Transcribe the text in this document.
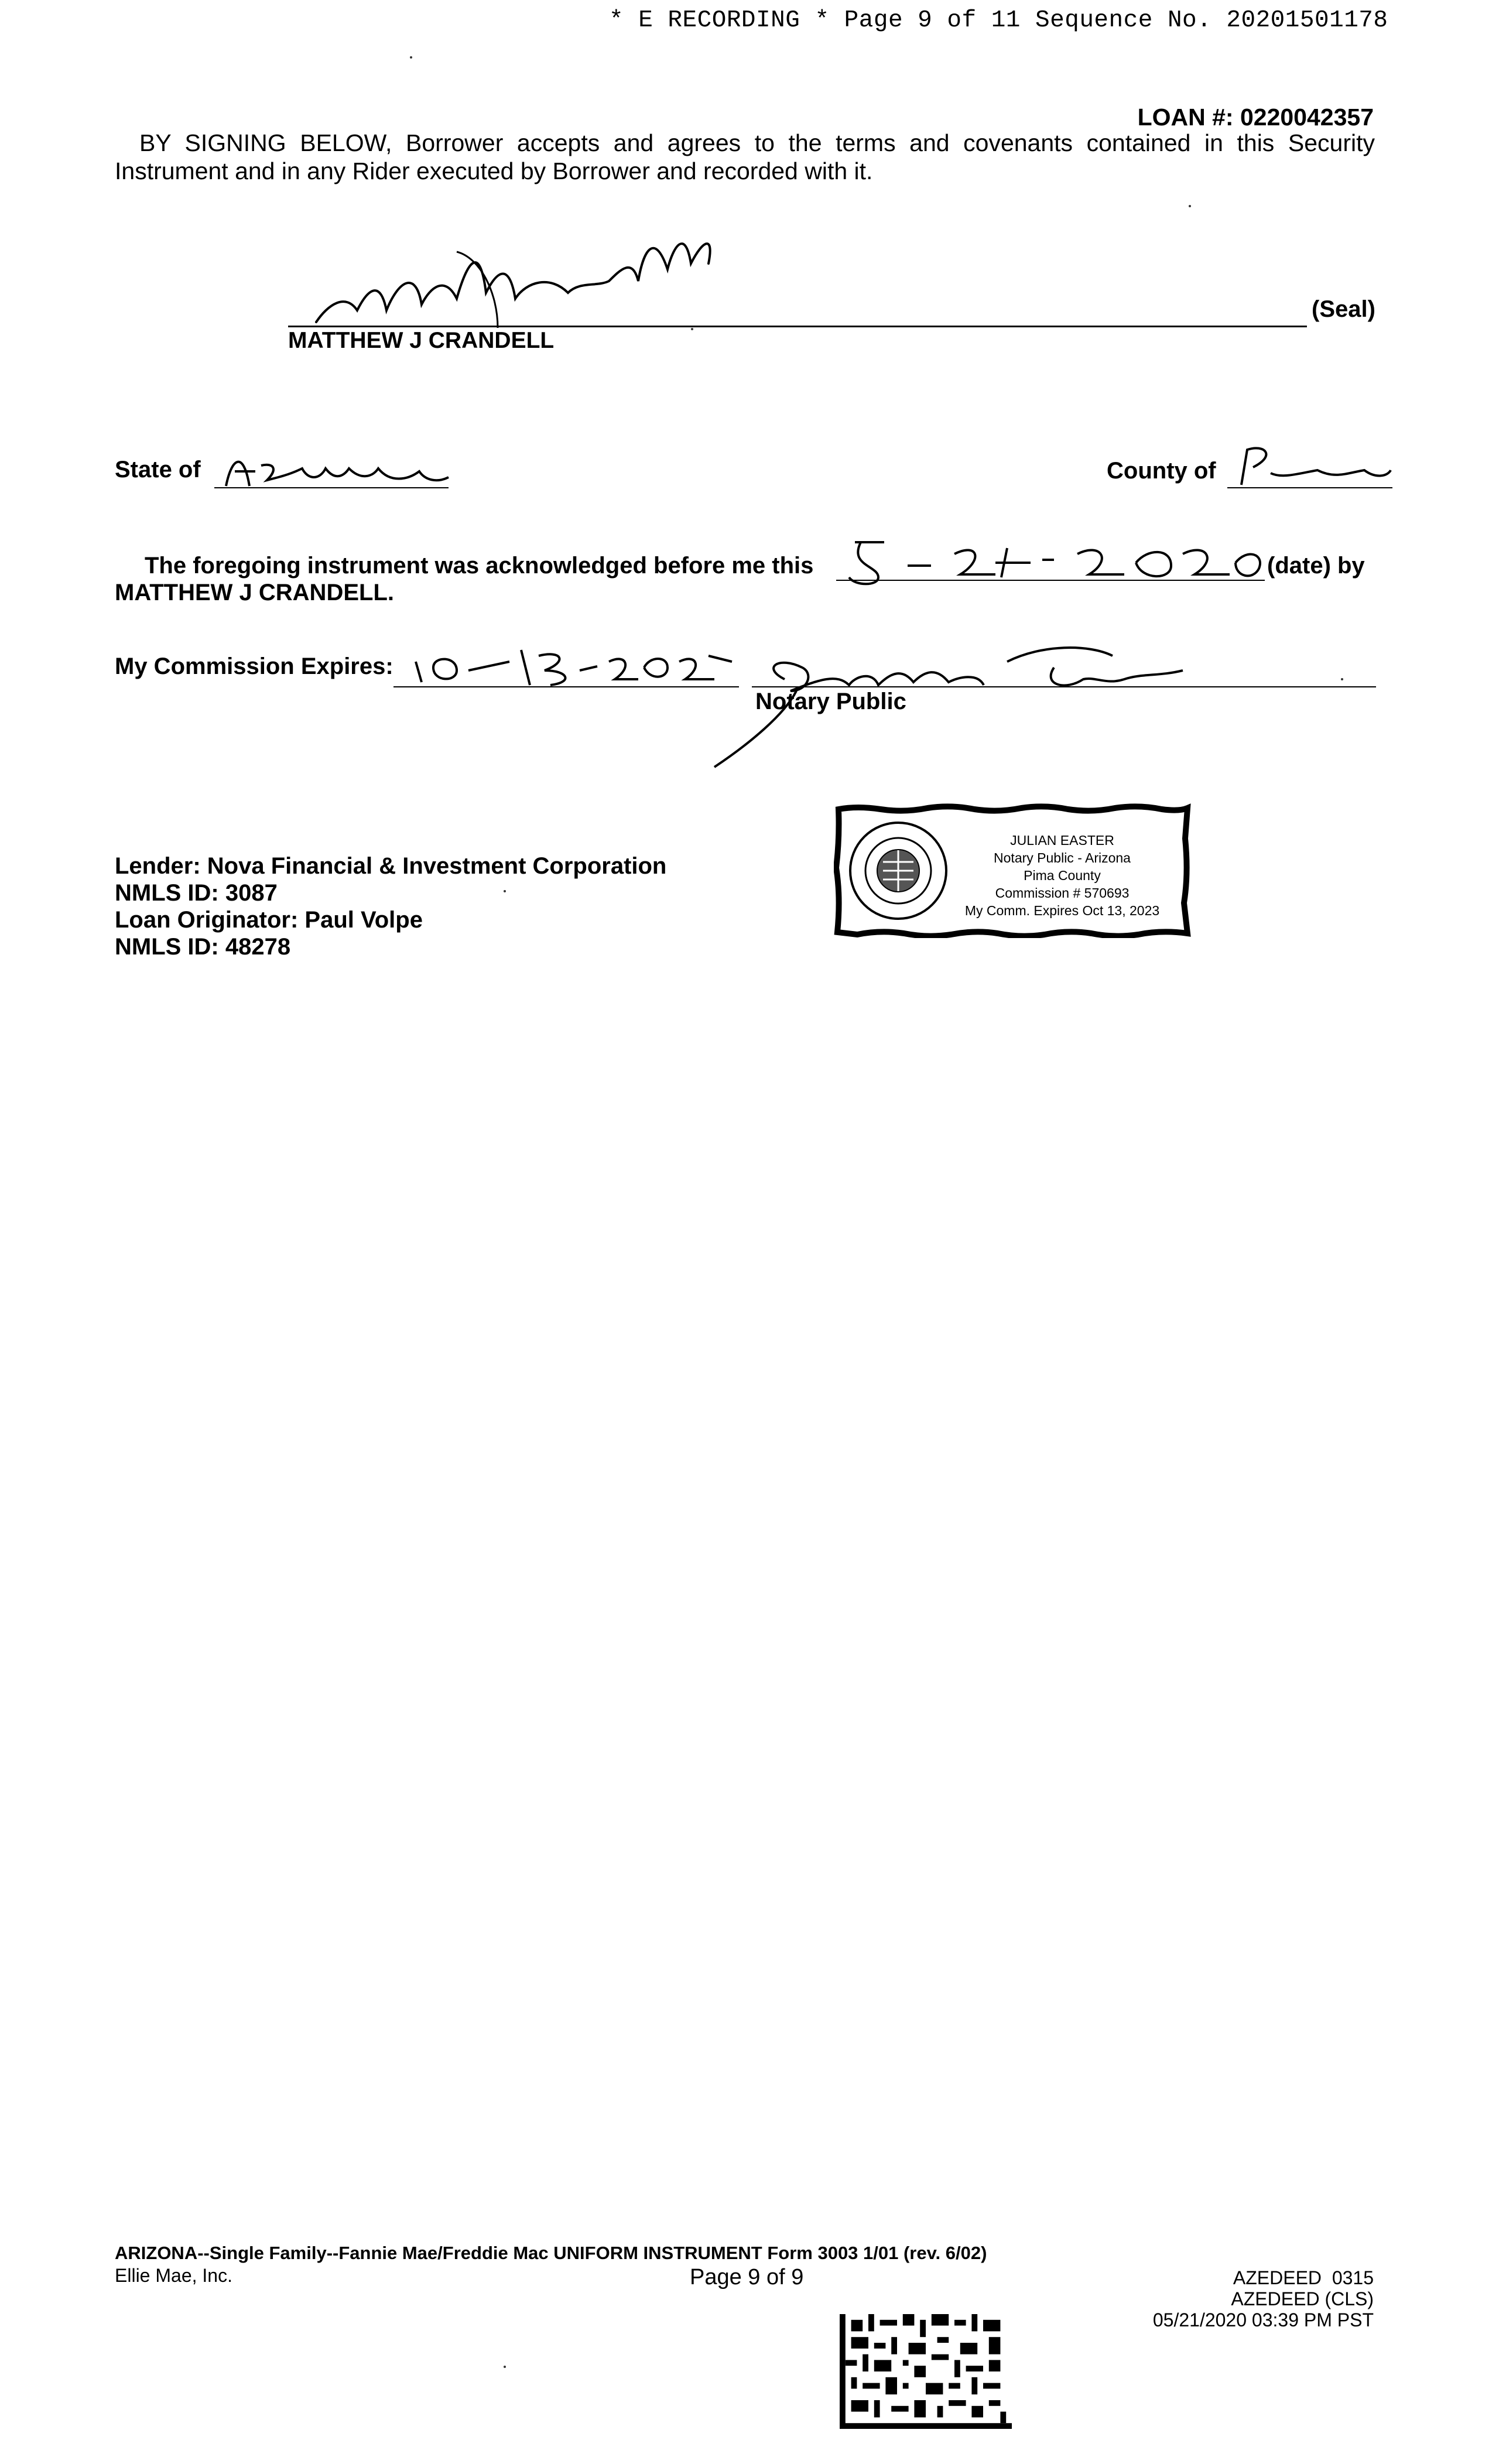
* E RECORDING * Page 9 of 11 Sequence No. 20201501178
LOAN #: 0220042357
BY SIGNING BELOW, Borrower accepts and agrees to the terms and covenants contained in this Security Instrument and in any Rider executed by Borrower and recorded with it.
MATTHEW J CRANDELL
(Seal)
State of	County of
The foregoing instrument was acknowledged before me this	(date) by
MATTHEW J CRANDELL.
My Commission Expires:
Notary Public
Lender: Nova Financial & Investment Corporation
NMLS ID: 3087
Loan Originator: Paul Volpe
NMLS ID: 48278
JULIAN EASTER
Notary Public - Arizona
Pima County
Commission # 570693
My Comm. Expires Oct 13, 2023
ARIZONA--Single Family--Fannie Mae/Freddie Mac UNIFORM INSTRUMENT Form 3003 1/01 (rev. 6/02)
Ellie Mae, Inc.	Page 9 of 9	AZEDEED  0315
AZEDEED (CLS)
05/21/2020 03:39 PM PST
